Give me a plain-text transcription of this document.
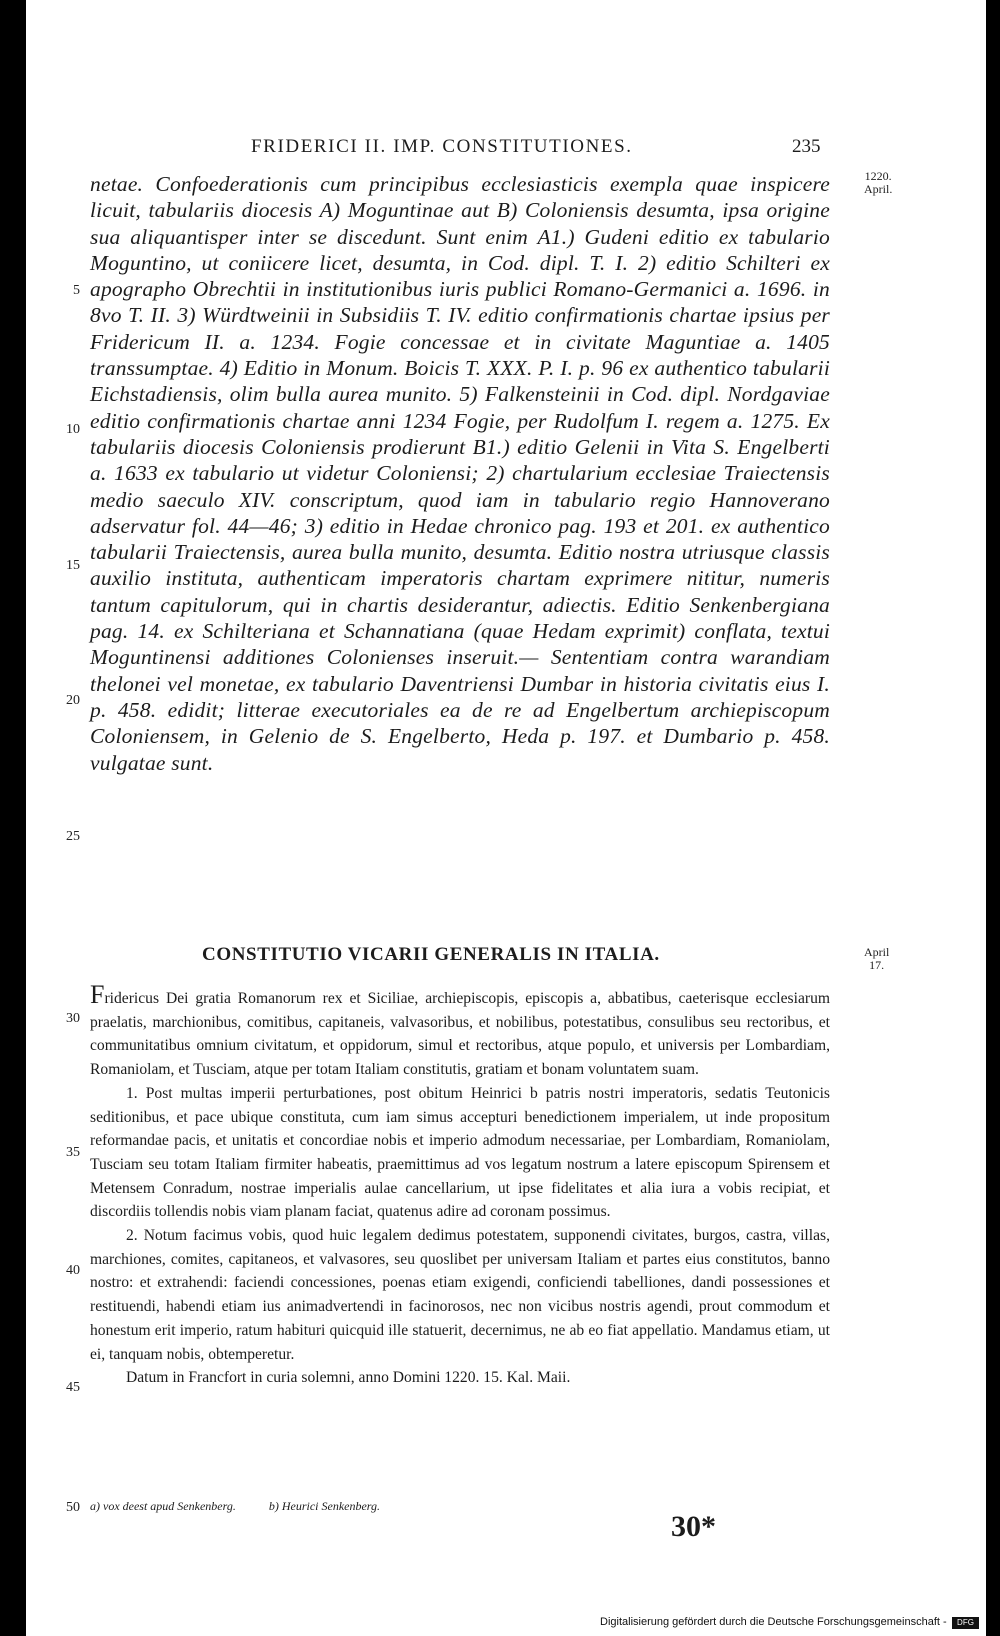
FRIDERICI II. IMP. CONSTITUTIONES.	235
1220.
April.

netae. Confoederationis cum principibus ecclesiasticis exempla quae inspicere licuit, tabulariis diocesis A) Moguntinae aut B) Coloniensis desumta, ipsa origine sua aliquantisper inter se discedunt. Sunt enim A1.) Gudeni editio ex tabulario Moguntino, ut coniicere licet, desumta, in Cod. dipl. T. I. 2) editio Schilteri ex apographo Obrechtii in institutionibus iuris publici Romano-Germanici a. 1696. in 8vo T. II. 3) Würdtweinii in Subsidiis T. IV. editio confirmationis chartae ipsius per Fridericum II. a. 1234. Fogie concessae et in civitate Maguntiae a. 1405 transsumptae. 4) Editio in Monum. Boicis T. XXX. P. I. p. 96 ex authentico tabularii Eichstadiensis, olim bulla aurea munito. 5) Falkensteinii in Cod. dipl. Nordgaviae editio confirmationis chartae anni 1234 Fogie, per Rudolfum I. regem a. 1275. Ex tabulariis diocesis Coloniensis prodierunt B1.) editio Gelenii in Vita S. Engelberti a. 1633 ex tabulario ut videtur Coloniensi; 2) chartularium ecclesiae Traiectensis medio saeculo XIV. conscriptum, quod iam in tabulario regio Hannoverano adservatur fol. 44—46; 3) editio in Hedae chronico pag. 193 et 201. ex authentico tabularii Traiectensis, aurea bulla munito, desumta. Editio nostra utriusque classis auxilio instituta, authenticam imperatoris chartam exprimere nititur, numeris tantum capitulorum, qui in chartis desiderantur, adiectis. Editio Senkenbergiana pag. 14. ex Schilteriana et Schannatiana (quae Hedam exprimit) conflata, textui Moguntinensi additiones Colonienses inseruit.— Sententiam contra warandiam thelonei vel monetae, ex tabulario Daventriensi Dumbar in historia civitatis eius I. p. 458. edidit; litterae executoriales ea de re ad Engelbertum archiepiscopum Coloniensem, in Gelenio de S. Engelberto, Heda p. 197. et Dumbario p. 458. vulgatae sunt.

5
10
15
20
25
CONSTITUTIO VICARII GENERALIS IN ITALIA.	April
17.

Fridericus Dei gratia Romanorum rex et Siciliae, archiepiscopis, episcopis a, abbatibus, caeterisque ecclesiarum praelatis, marchionibus, comitibus, capitaneis, valvasoribus, et nobilibus, potestatibus, consulibus seu rectoribus, et communitatibus omnium civitatum, et oppidorum, simul et rectoribus, atque populo, et universis per Lombardiam, Romaniolam, et Tusciam, atque per totam Italiam constitutis, gratiam et bonam voluntatem suam.

1. Post multas imperii perturbationes, post obitum Heinrici b patris nostri imperatoris, sedatis Teutonicis seditionibus, et pace ubique constituta, cum iam simus accepturi benedictionem imperialem, ut inde propositum reformandae pacis, et unitatis et concordiae nobis et imperio admodum necessariae, per Lombardiam, Romaniolam, Tusciam seu totam Italiam firmiter habeatis, praemittimus ad vos legatum nostrum a latere episcopum Spirensem et Metensem Conradum, nostrae imperialis aulae cancellarium, ut ipse fidelitates et alia iura a vobis recipiat, et discordiis tollendis nobis viam planam faciat, quatenus adire ad coronam possimus.

2. Notum facimus vobis, quod huic legalem dedimus potestatem, supponendi civitates, burgos, castra, villas, marchiones, comites, capitaneos, et valvasores, seu quoslibet per universam Italiam et partes eius constitutos, banno nostro: et extrahendi: faciendi concessiones, poenas etiam exigendi, conficiendi tabelliones, dandi possessiones et restituendi, habendi etiam ius animadvertendi in facinorosos, nec non vicibus nostris agendi, prout commodum et honestum erit imperio, ratum habituri quicquid ille statuerit, decernimus, ne ab eo fiat appellatio. Mandamus etiam, ut ei, tanquam nobis, obtemperetur.

Datum in Francfort in curia solemni, anno Domini 1220. 15. Kal. Maii.

30
35
40
45
50 a) vox deest apud Senkenberg.	b) Heurici Senkenberg.
30*
Digitalisierung gefördert durch die Deutsche Forschungsgemeinschaft -	DFG
